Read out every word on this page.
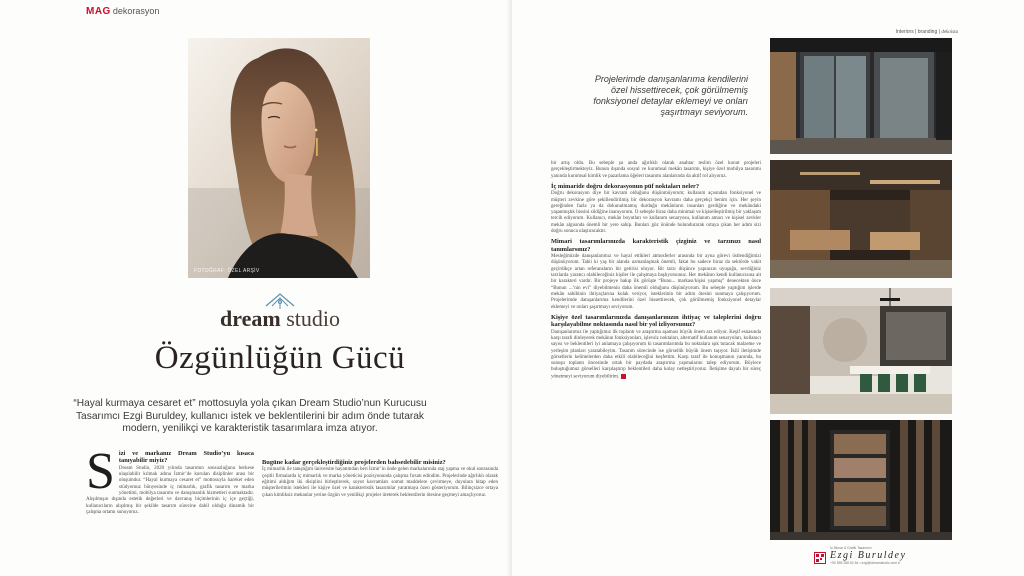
MAG dekorasyon
FOTOĞRAF: ÖZEL ARŞİV
dream studio
Özgünlüğün Gücü
“Hayal kurmaya cesaret et” mottosuyla yola çıkan Dream Studio’nun Kurucusu Tasarımcı Ezgi Buruldey, kullanıcı istek ve beklentilerini bir adım önde tutarak modern, yenilikçi ve karakteristik tasarımlara imza atıyor.
S izi ve markanız Dream Studio’yu kısaca tanıyabilir miyiz?

Dream Studio, 2020 yılında tasarımın sonsuzluğunu herkese ulaşılabilir kılmak adına İzmir’de kurulan disiplinler arası bir oluşumdur. “Hayal kurmaya cesaret et” mottosuyla hareket eden stüdyomuz bünyesinde iç mimarlık, grafik tasarım ve marka yönetimi, mobilya tasarımı ve danışmanlık hizmetleri sunmaktadır. Alışılmışın dışında estetik değerleri ve davranış biçimlerinin iç içe geçtiği, kullanıcıların alışılmış bir şekilde tasarım sürecine dahil olduğu dinamik bir çalışma ortamı sunuyoruz.

Bugüne kadar gerçekleştirdiğiniz projelerden bahsedebilir misiniz?

İç mimarlık ile tanıştığım üniversite hayatımdan beri İzmir’in önde gelen markalarında staj yapma ve okul sonrasında çeşitli firmalarda iç mimarlık ve marka yöneticisi pozisyonunda çalışma fırsatı edindim. Projelerinde ağırlıklı olarak eğitimi aldığım iki disiplini birleştirerek, soyut kavramları somut maddelere çevirmeye, duyulara hitap eden müşterilerimin istekleri ile kişiye özel ve karakteristik tasarımlar yaratmaya özen gösteriyorum. Bilinçsizce ortaya çıkan kimliksiz mekanlar yerine özgün ve yenilikçi projeler üreterek beklentilerin ötesine geçmeyi amaçlıyoruz.

Interiors | branding | dekoistu
Projelerimde danışanlarıma kendilerini özel hissettirecek, çok görülmemiş fonksiyonel detaylar eklemeyi ve onları şaşırtmayı seviyorum.

bir artış oldu. Bu sebeple şu anda ağırlıklı olarak anahtar teslim özel konut projeleri gerçekleştirmekteyiz. Bunun dışında sosyal ve kurumsal mekân tasarımı, kişiye özel mobilya tasarımı yanında kurumsal kimlik ve pazarlama öğeleri tasarımı alanlarında da aktif rol alıyoruz.

İç mimaride doğru dekorasyonun püf noktaları neler?

Doğru dekorasyon diye bir kavram olduğunu düşünmüyorum; kullanım açısından fonksiyonel ve müşteri zevkine göre şekillendirilmiş bir dekorasyon kavramı daha gerçekçi benim için. Her şeyin gereğinden fazla ya da dokunulmamış durduğu mekânların insanları gerdiğine ve mekândaki yaşanmışlık hissini sildiğine inanıyorum. O sebeple biraz daha minimal ve kişiselleştirilmiş bir yaklaşım tercih ediyorum. Kullanıcı, mekân boyutları ve kullanım senaryosu, kullanım amacı ve kişisel zevkler mekân algısında önemli bir yere sahip. Bunları göz önünde bulundurarak ortaya çıkan her adım sizi doğru sonuca ulaştıracaktır.

Mimari tasarımlarınızda karakteristik çizginiz ve tarzınızı nasıl tanımlarsınız?

Mesleğimizde danışanlarımız ve hayal ettikleri atmosferler arasında bir ayna görevi üstlendiğimizi düşünüyorum. Tabii ki yaş bir alanda uzmanlaşmak önemli, fakat bu sadece biraz da sektörde vakit geçirdikçe artan referansların bir getirisi oluyor. Bir tarzı düşünce yapınızın uyuşuğu, sevdiğiniz tarzlarda yaratıcı olabileceğiniz kişiler ile çalışmaya başlıyorsunuz. Her mekânın kendi kullanıcısına ait bir karakteri vardır. Bir projeye bakıp ilk görüşte “Bunu... markası/kişisi yapmış” denecekten önce “Bunun ...’nin evi” diyebilmenin daha önemli olduğunu düşünüyorum. Bu sebeple yaptığım işlerde mekân sahibinin ihtiyaçlarına kulak veriyor, isteklerinin bir adım ötesini sunmaya çalışıyorum. Projelerimde danışanlarıma kendilerini özel hissettirecek, çok görülmemiş fonksiyonel detaylar eklemeyi ve onları şaşırtmayı seviyorum.

Kişiye özel tasarımlarınızda danışanlarınızın ihtiyaç ve taleplerini doğru karşılayabilme noktasında nasıl bir yol izliyorsunuz?

Danışanlarımız ile yaptığımız ilk toplantı ve araştırma aşaması büyük önem arz ediyor. Keşif esnasında karşı tarafı dinleyerek mekânın fonksiyonları, işlevsiz noktaları, alternatif kullanım senaryoları, kullanıcı sayısı ve beklentileri iyi anlamaya çalışıyorum ki tasarımlarımda bu noktalara ışık tutacak malzeme ve yerleşim planları yaratabileyim. Tasarım sürecinde ise görsellik büyük önem taşıyor. İkili iletişimde görsellerin kelimelerden daha etkili olabileceğini keşfettim. Karşı taraf ile konuşmanın yanında, bu sunuşu toplantı öncesinde ortak bir paydada araştırma yapmalarını talep ediyorum. Böylece buluştuğumuz görselleri karşılaştırıp beklentileri daha kolay netleştiriyoruz. İletişime dayalı bir süreç yönetmeyi seviyorum diyebilirim.

İç Mimar & Grafik Tasarımcı
Ezgi Buruldey
+90 555 288 52 84 • ezgi@dreamstudio.com.tr
